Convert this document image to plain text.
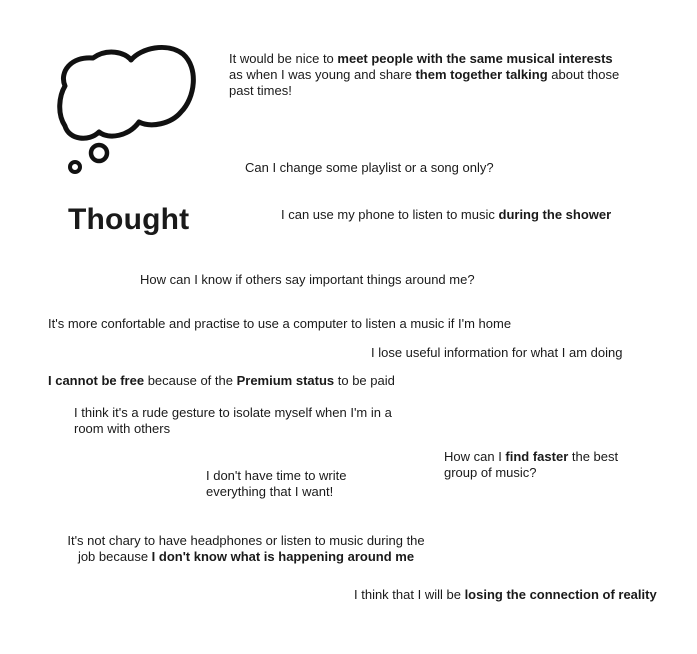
Thought

It would be nice to meet people with the same musical interests as when I was young and share them together talking about those past times!

Can I change some playlist or a song only?

I can use my phone to listen to music during the shower

How can I know if others say important things around me?

It's more confortable and practise to use a computer to listen a music if I'm home

I lose useful information for what I am doing

I cannot be free because of the Premium status to be paid

I think it's a rude gesture to isolate myself when I'm in a room with others

How can I find faster the best group of music?

I don't have time to write everything that I want!

It's not chary to have headphones or listen to music during the job because I don't know what is happening around me

I think that I will be losing the connection of reality
